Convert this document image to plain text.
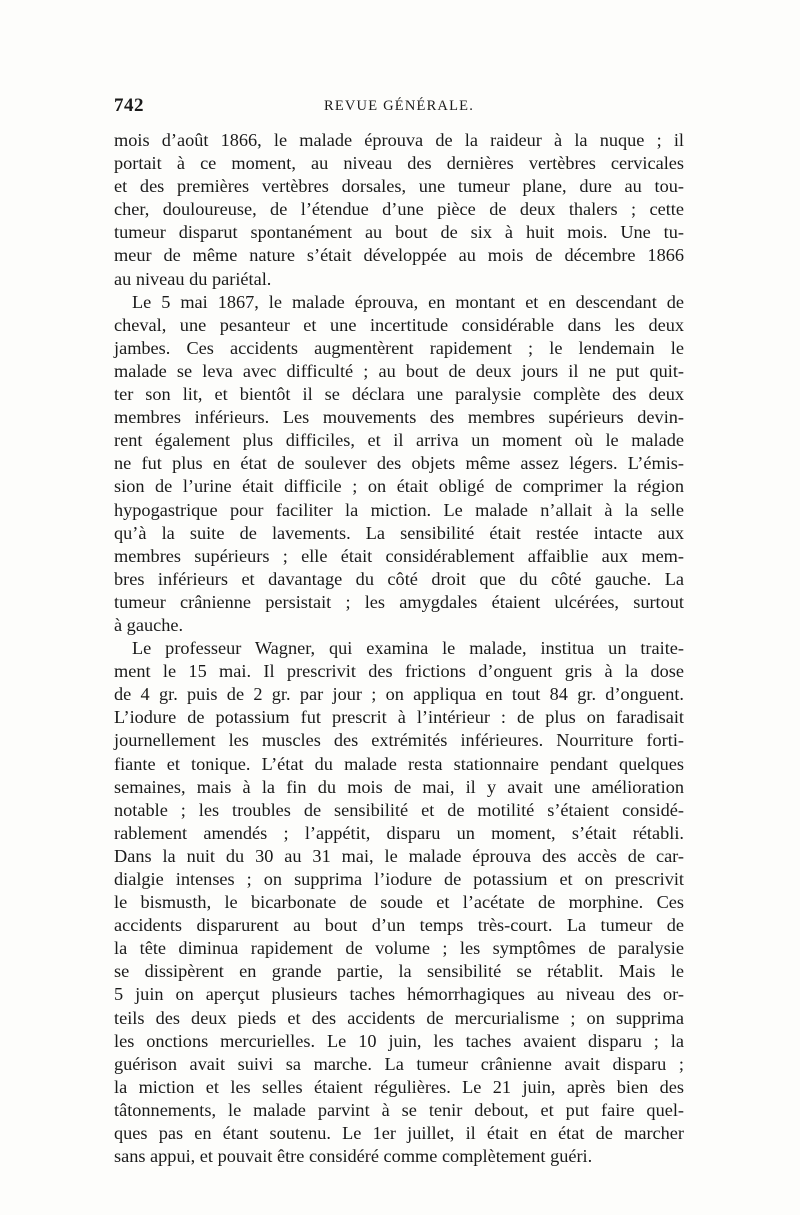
742	REVUE GÉNÉRALE.
mois d’août 1866, le malade éprouva de la raideur à la nuque ; il
portait à ce moment, au niveau des dernières vertèbres cervicales
et des premières vertèbres dorsales, une tumeur plane, dure au tou-
cher, douloureuse, de l’étendue d’une pièce de deux thalers ; cette
tumeur disparut spontanément au bout de six à huit mois. Une tu-
meur de même nature s’était développée au mois de décembre 1866
au niveau du pariétal.
Le 5 mai 1867, le malade éprouva, en montant et en descendant de
cheval, une pesanteur et une incertitude considérable dans les deux
jambes. Ces accidents augmentèrent rapidement ; le lendemain le
malade se leva avec difficulté ; au bout de deux jours il ne put quit-
ter son lit, et bientôt il se déclara une paralysie complète des deux
membres inférieurs. Les mouvements des membres supérieurs devin-
rent également plus difficiles, et il arriva un moment où le malade
ne fut plus en état de soulever des objets même assez légers. L’émis-
sion de l’urine était difficile ; on était obligé de comprimer la région
hypogastrique pour faciliter la miction. Le malade n’allait à la selle
qu’à la suite de lavements. La sensibilité était restée intacte aux
membres supérieurs ; elle était considérablement affaiblie aux mem-
bres inférieurs et davantage du côté droit que du côté gauche. La
tumeur crânienne persistait ; les amygdales étaient ulcérées, surtout
à gauche.
Le professeur Wagner, qui examina le malade, institua un traite-
ment le 15 mai. Il prescrivit des frictions d’onguent gris à la dose
de 4 gr. puis de 2 gr. par jour ; on appliqua en tout 84 gr. d’onguent.
L’iodure de potassium fut prescrit à l’intérieur : de plus on faradisait
journellement les muscles des extrémités inférieures. Nourriture forti-
fiante et tonique. L’état du malade resta stationnaire pendant quelques
semaines, mais à la fin du mois de mai, il y avait une amélioration
notable ; les troubles de sensibilité et de motilité s’étaient considé-
rablement amendés ; l’appétit, disparu un moment, s’était rétabli.
Dans la nuit du 30 au 31 mai, le malade éprouva des accès de car-
dialgie intenses ; on supprima l’iodure de potassium et on prescrivit
le bismusth, le bicarbonate de soude et l’acétate de morphine. Ces
accidents disparurent au bout d’un temps très-court. La tumeur de
la tête diminua rapidement de volume ; les symptômes de paralysie
se dissipèrent en grande partie, la sensibilité se rétablit. Mais le
5 juin on aperçut plusieurs taches hémorrhagiques au niveau des or-
teils des deux pieds et des accidents de mercurialisme ; on supprima
les onctions mercurielles. Le 10 juin, les taches avaient disparu ; la
guérison avait suivi sa marche. La tumeur crânienne avait disparu ;
la miction et les selles étaient régulières. Le 21 juin, après bien des
tâtonnements, le malade parvint à se tenir debout, et put faire quel-
ques pas en étant soutenu. Le 1er juillet, il était en état de marcher
sans appui, et pouvait être considéré comme complètement guéri.
